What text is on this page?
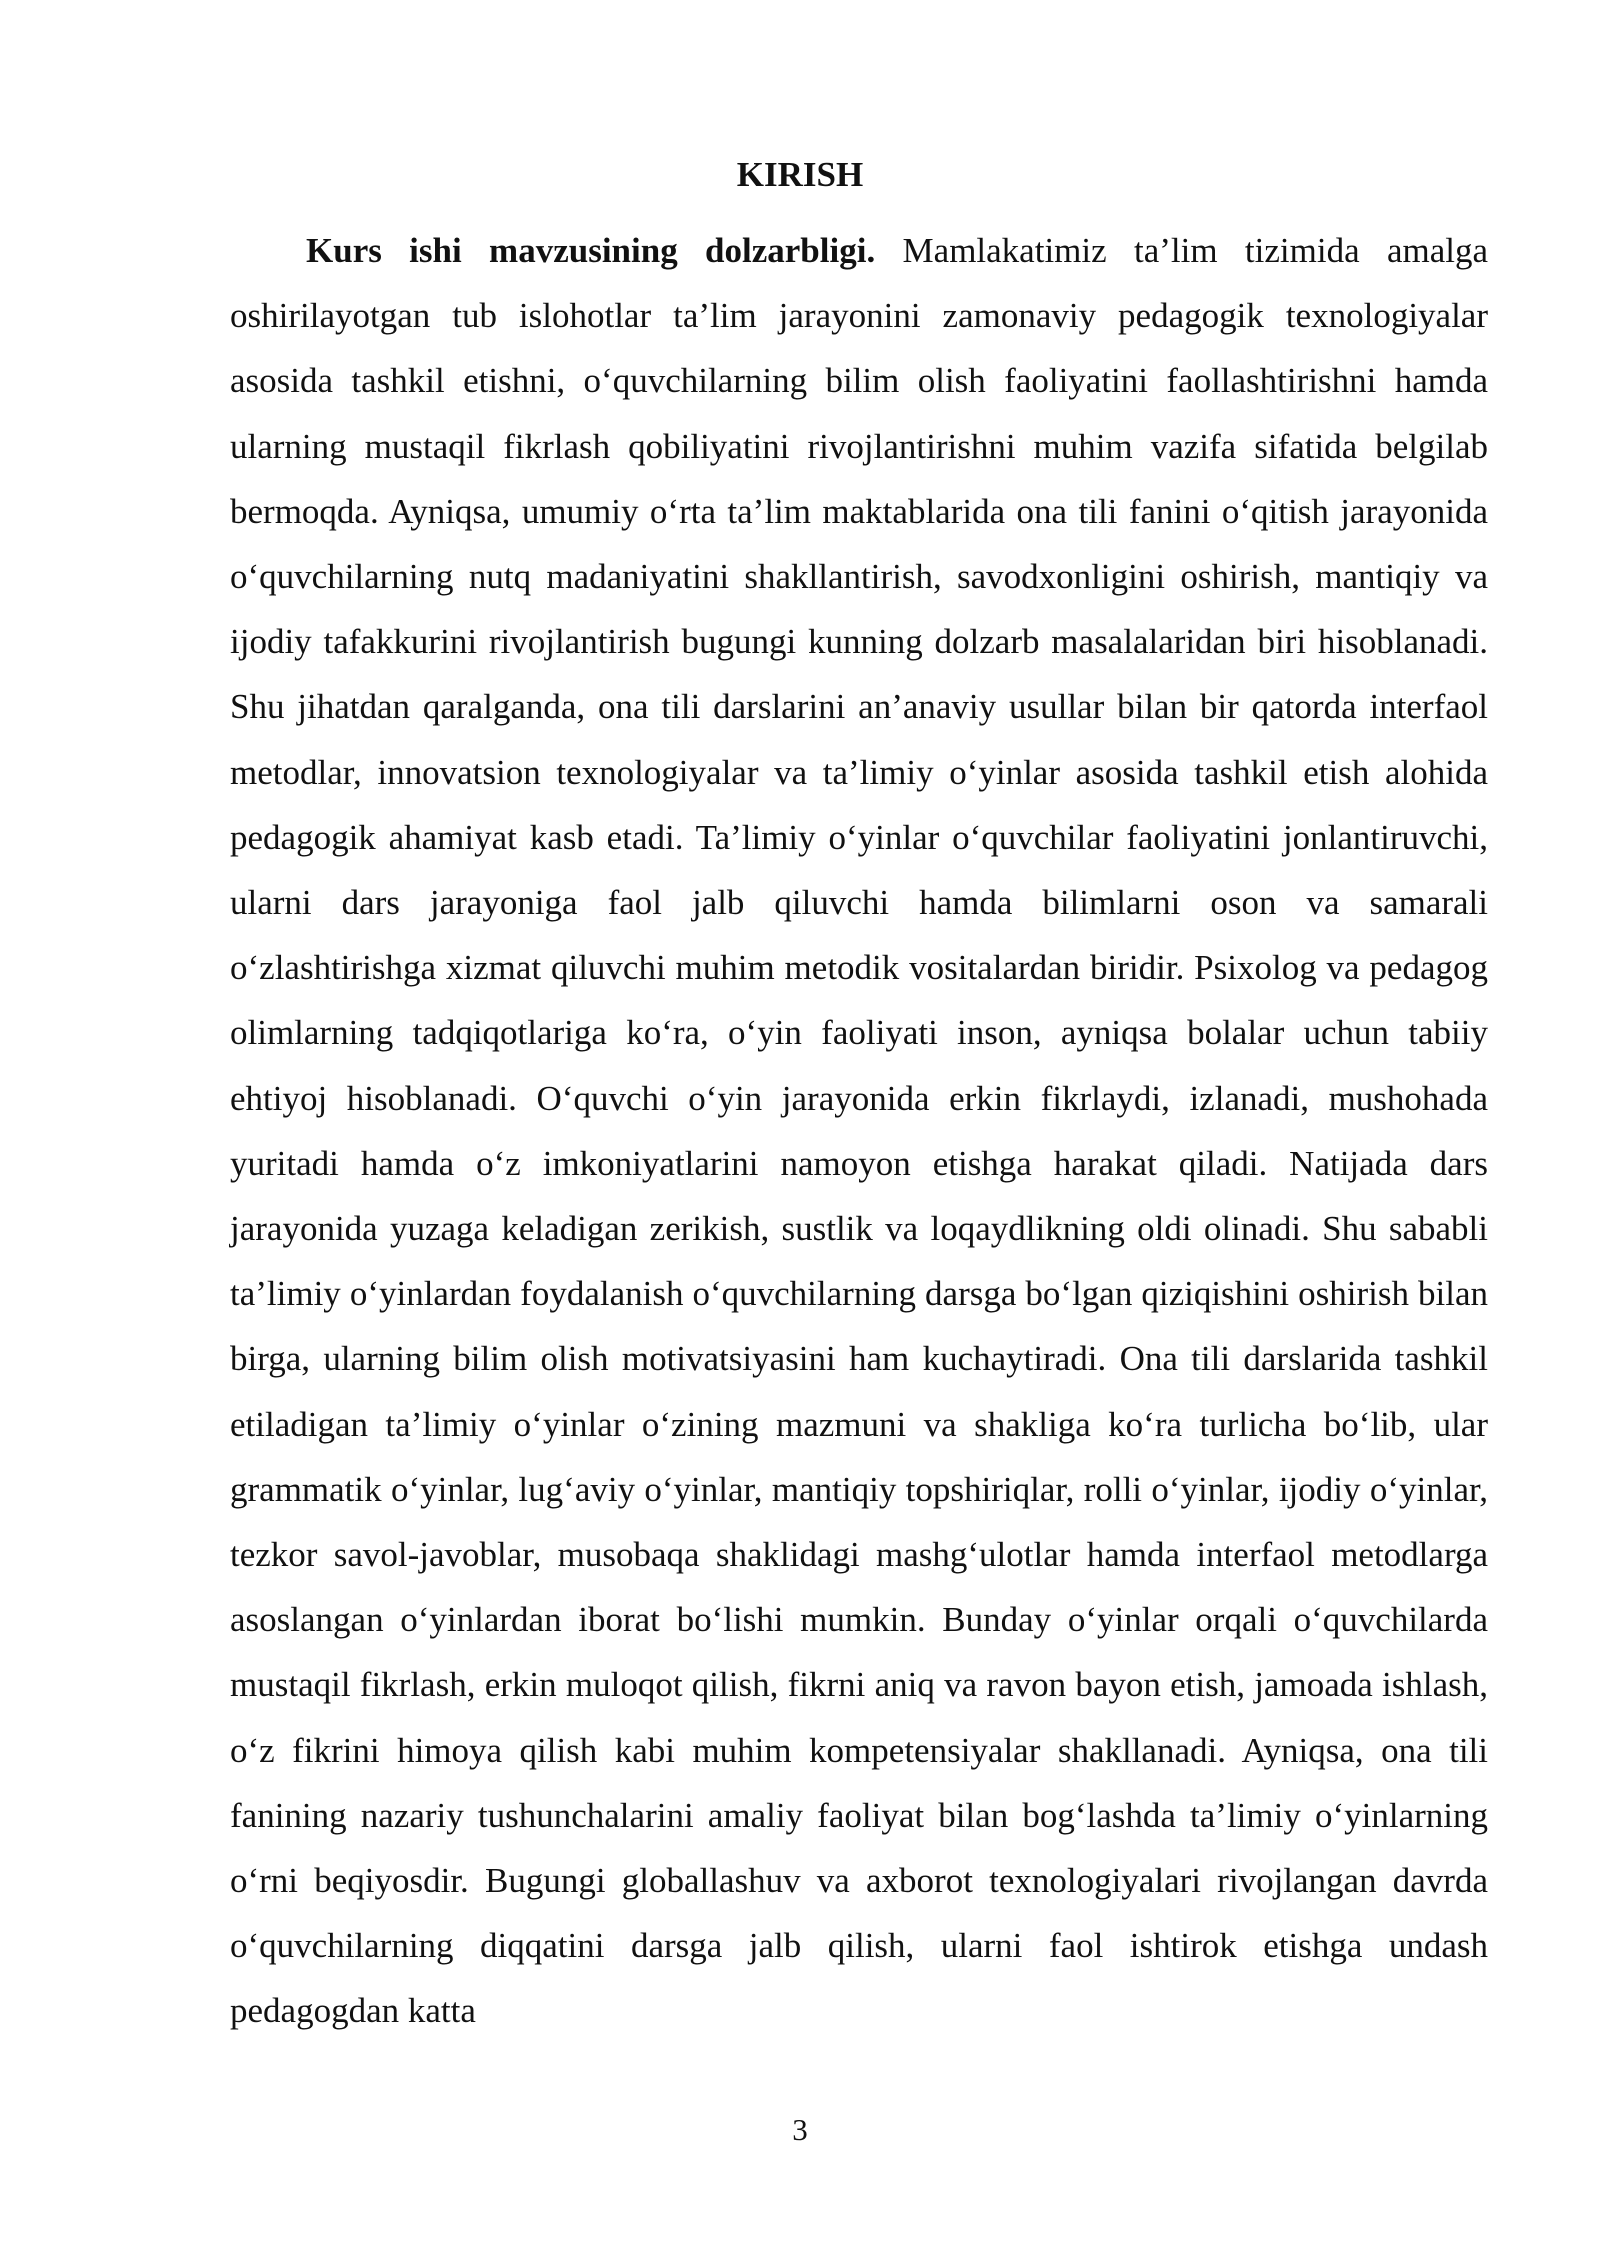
KIRISH

Kurs ishi mavzusining dolzarbligi. Mamlakatimiz ta’lim tizimida amalga oshirilayotgan tub islohotlar ta’lim jarayonini zamonaviy pedagogik texnologiyalar asosida tashkil etishni, o‘quvchilarning bilim olish faoliyatini faollashtirishni hamda ularning mustaqil fikrlash qobiliyatini rivojlantirishni muhim vazifa sifatida belgilab bermoqda. Ayniqsa, umumiy o‘rta ta’lim maktablarida ona tili fanini o‘qitish jarayonida o‘quvchilarning nutq madaniyatini shakllantirish, savodxonligini oshirish, mantiqiy va ijodiy tafakkurini rivojlantirish bugungi kunning dolzarb masalalaridan biri hisoblanadi. Shu jihatdan qaralganda, ona tili darslarini an’anaviy usullar bilan bir qatorda interfaol metodlar, innovatsion texnologiyalar va ta’limiy o‘yinlar asosida tashkil etish alohida pedagogik ahamiyat kasb etadi. Ta’limiy o‘yinlar o‘quvchilar faoliyatini jonlantiruvchi, ularni dars jarayoniga faol jalb qiluvchi hamda bilimlarni oson va samarali o‘zlashtirishga xizmat qiluvchi muhim metodik vositalardan biridir. Psixolog va pedagog olimlarning tadqiqotlariga ko‘ra, o‘yin faoliyati inson, ayniqsa bolalar uchun tabiiy ehtiyoj hisoblanadi. O‘quvchi o‘yin jarayonida erkin fikrlaydi, izlanadi, mushohada yuritadi hamda o‘z imkoniyatlarini namoyon etishga harakat qiladi. Natijada dars jarayonida yuzaga keladigan zerikish, sustlik va loqaydlikning oldi olinadi. Shu sababli ta’limiy o‘yinlardan foydalanish o‘quvchilarning darsga bo‘lgan qiziqishini oshirish bilan birga, ularning bilim olish motivatsiyasini ham kuchaytiradi. Ona tili darslarida tashkil etiladigan ta’limiy o‘yinlar o‘zining mazmuni va shakliga ko‘ra turlicha bo‘lib, ular grammatik o‘yinlar, lug‘aviy o‘yinlar, mantiqiy topshiriqlar, rolli o‘yinlar, ijodiy o‘yinlar, tezkor savol-javoblar, musobaqa shaklidagi mashg‘ulotlar hamda interfaol metodlarga asoslangan o‘yinlardan iborat bo‘lishi mumkin. Bunday o‘yinlar orqali o‘quvchilarda mustaqil fikrlash, erkin muloqot qilish, fikrni aniq va ravon bayon etish, jamoada ishlash, o‘z fikrini himoya qilish kabi muhim kompetensiyalar shakllanadi. Ayniqsa, ona tili fanining nazariy tushunchalarini amaliy faoliyat bilan bog‘lashda ta’limiy o‘yinlarning o‘rni beqiyosdir. Bugungi globallashuv va axborot texnologiyalari rivojlangan davrda o‘quvchilarning diqqatini darsga jalb qilish, ularni faol ishtirok etishga undash pedagogdan katta

3
